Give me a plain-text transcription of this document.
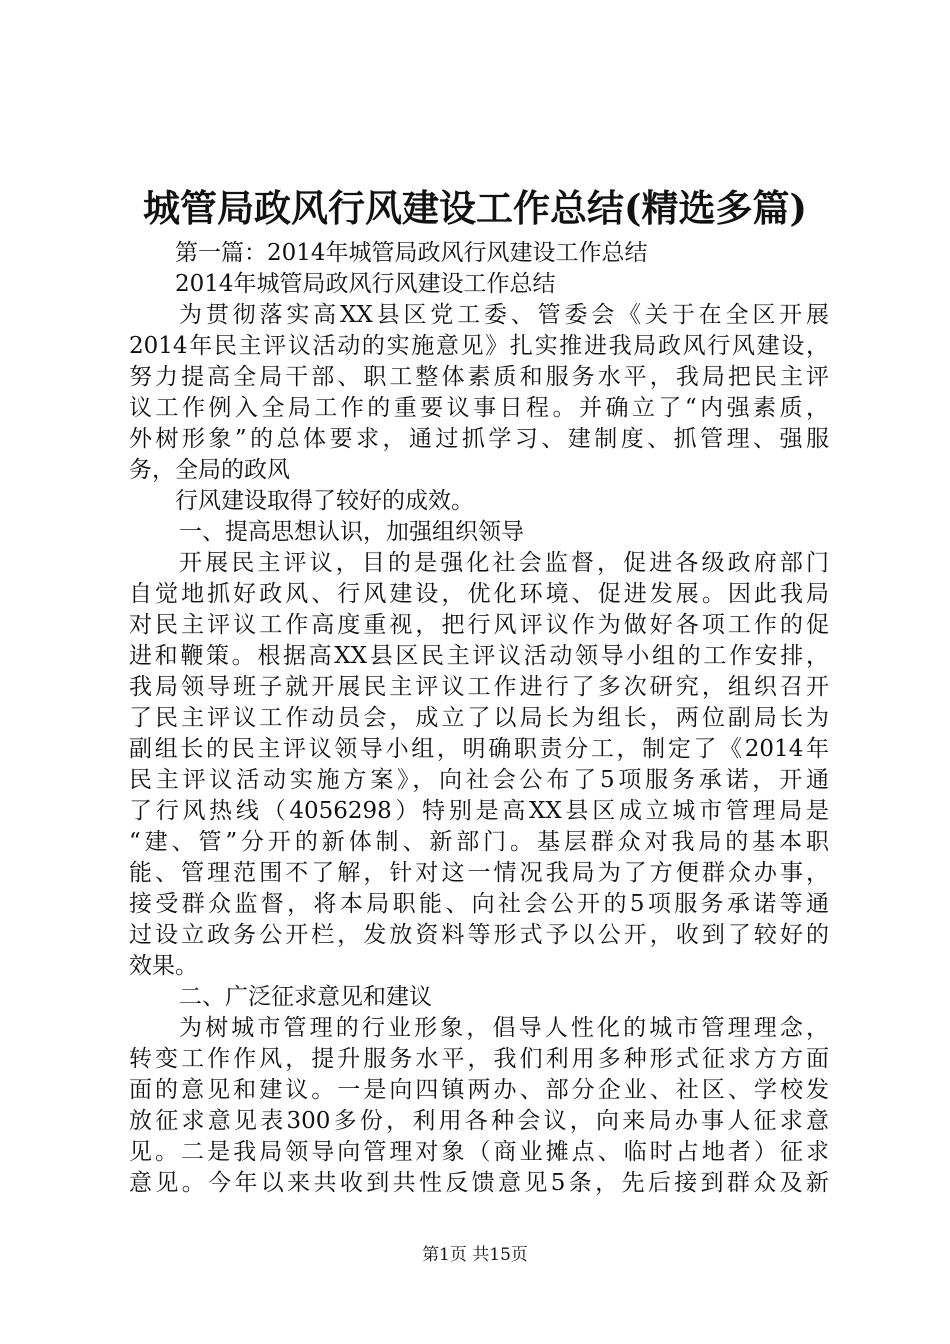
城管局政风行风建设工作总结(精选多篇)
第一篇：2014年城管局政风行风建设工作总结
2014年城管局政风行风建设工作总结
为贯彻落实高XX县区党工委、管委会《关于在全区开展
2014年民主评议活动的实施意见》扎实推进我局政风行风建设，
努力提高全局干部、职工整体素质和服务水平，我局把民主评
议工作例入全局工作的重要议事日程。并确立了“内强素质，
外树形象”的总体要求，通过抓学习、建制度、抓管理、强服
务，全局的政风
行风建设取得了较好的成效。
一、提高思想认识，加强组织领导
开展民主评议，目的是强化社会监督，促进各级政府部门
自觉地抓好政风、行风建设，优化环境、促进发展。因此我局
对民主评议工作高度重视，把行风评议作为做好各项工作的促
进和鞭策。根据高XX县区民主评议活动领导小组的工作安排，
我局领导班子就开展民主评议工作进行了多次研究，组织召开
了民主评议工作动员会，成立了以局长为组长，两位副局长为
副组长的民主评议领导小组，明确职责分工，制定了《2014年
民主评议活动实施方案》，向社会公布了5项服务承诺，开通
了行风热线（4056298）特别是高XX县区成立城市管理局是
“建、管”分开的新体制、新部门。基层群众对我局的基本职
能、管理范围不了解，针对这一情况我局为了方便群众办事，
接受群众监督，将本局职能、向社会公开的5项服务承诺等通
过设立政务公开栏，发放资料等形式予以公开，收到了较好的
效果。
二、广泛征求意见和建议
为树城市管理的行业形象，倡导人性化的城市管理理念，
转变工作作风，提升服务水平，我们利用多种形式征求方方面
面的意见和建议。一是向四镇两办、部分企业、社区、学校发
放征求意见表300多份，利用各种会议，向来局办事人征求意
见。二是我局领导向管理对象（商业摊点、临时占地者）征求
意见。今年以来共收到共性反馈意见5条，先后接到群众及新
第1页 共15页
